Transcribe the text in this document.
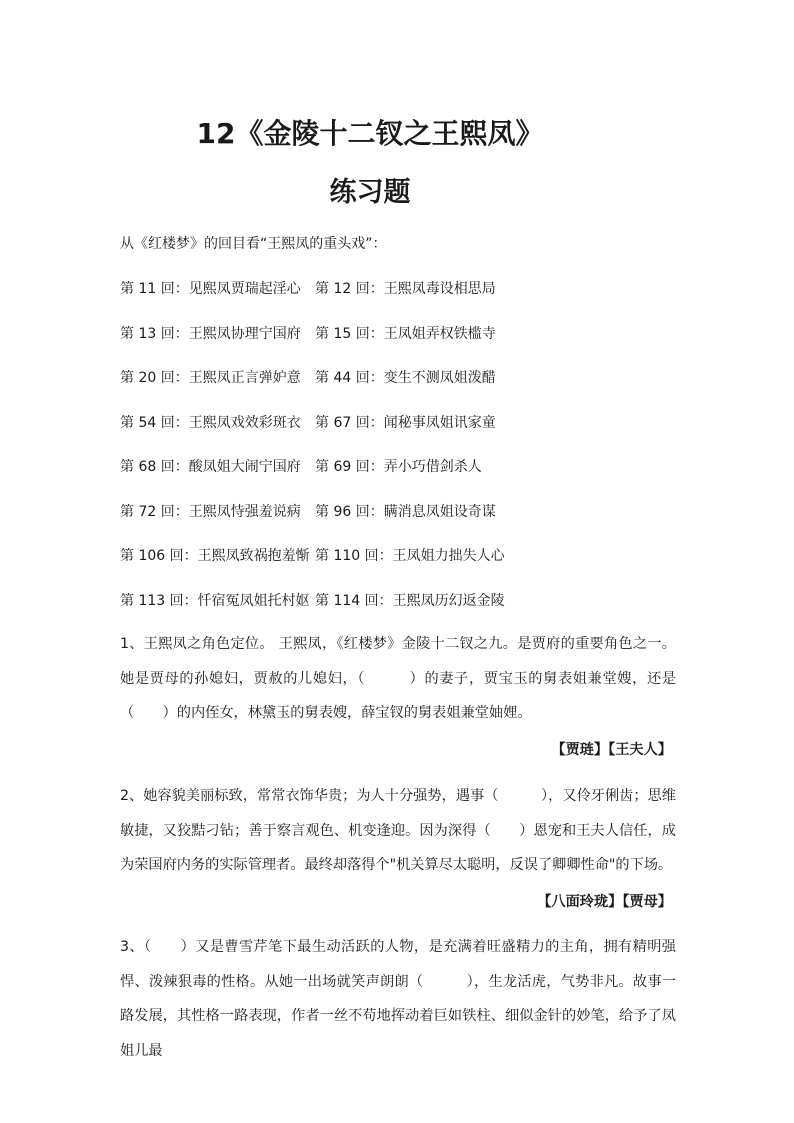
12《金陵十二钗之王熙凤》
练习题
从《红楼梦》的回目看“王熙凤的重头戏”：
第 11 回：见熙凤贾瑞起淫心	第 12 回：王熙凤毒设相思局
第 13 回：王熙凤协理宁国府	第 15 回：王凤姐弄权铁槛寺
第 20 回：王熙凤正言弹妒意	第 44 回：变生不测凤姐泼醋
第 54 回：王熙凤戏效彩斑衣	第 67 回：闻秘事凤姐讯家童
第 68 回：酸凤姐大闹宁国府	第 69 回：弄小巧借剑杀人
第 72 回：王熙凤恃强羞说病	第 96 回：瞒消息凤姐设奇谋
第 106 回：王熙凤致祸抱羞惭 第 110 回：王凤姐力拙失人心
第 113 回：忏宿冤凤姐托村妪 第 114 回：王熙凤历幻返金陵
1、王熙凤之角色定位。 王熙凤，《红楼梦》金陵十二钗之九。是贾府的重要角色之一。她是贾母的孙媳妇，贾赦的儿媳妇，（　　　）的妻子，贾宝玉的舅表姐兼堂嫂，还是（　　）的内侄女，林黛玉的舅表嫂，薛宝钗的舅表姐兼堂妯娌。
【贾琏】【王夫人】
2、她容貌美丽标致，常常衣饰华贵；为人十分强势，遇事（　　　），又伶牙俐齿；思维敏捷，又狡黠刁钻；善于察言观色、机变逢迎。因为深得（　　）恩宠和王夫人信任，成为荣国府内务的实际管理者。最终却落得个"机关算尽太聪明，反误了卿卿性命"的下场。
【八面玲珑】【贾母】
3、（　　）又是曹雪芹笔下最生动活跃的人物，是充满着旺盛精力的主角，拥有精明强悍、泼辣狠毒的性格。从她一出场就笑声朗朗（　　　），生龙活虎，气势非凡。故事一路发展，其性格一路表现，作者一丝不苟地挥动着巨如铁柱、细似金针的妙笔，给予了凤姐儿最
